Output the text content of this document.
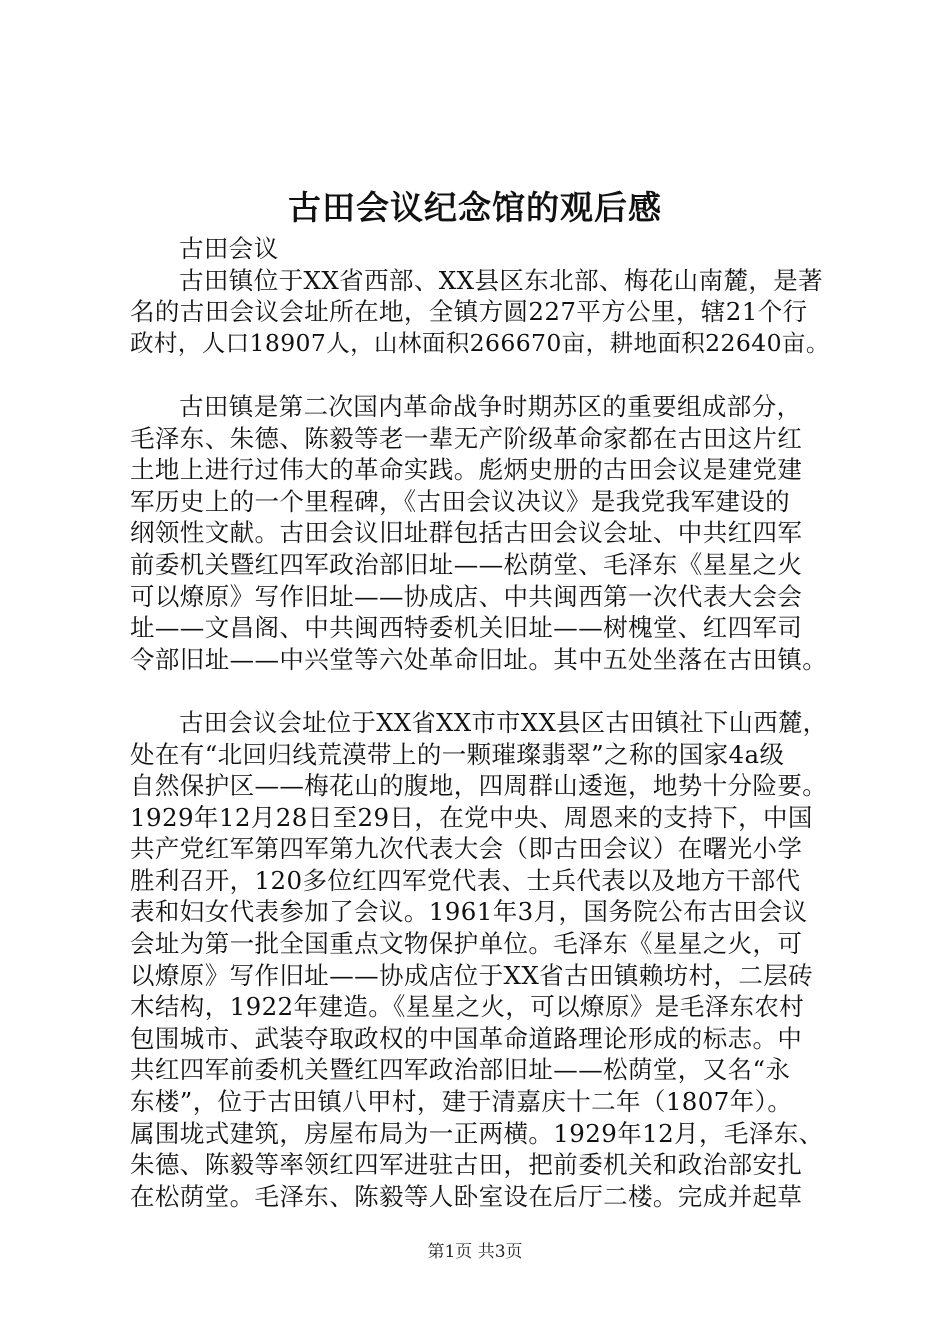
古田会议纪念馆的观后感
古田会议
古田镇位于XX省西部、XX县区东北部、梅花山南麓，是著
名的古田会议会址所在地，全镇方圆227平方公里，辖21个行
政村，人口18907人，山林面积266670亩，耕地面积22640亩。
古田镇是第二次国内革命战争时期苏区的重要组成部分，
毛泽东、朱德、陈毅等老一辈无产阶级革命家都在古田这片红
土地上进行过伟大的革命实践。彪炳史册的古田会议是建党建
军历史上的一个里程碑，《古田会议决议》是我党我军建设的
纲领性文献。古田会议旧址群包括古田会议会址、中共红四军
前委机关暨红四军政治部旧址——松荫堂、毛泽东《星星之火
可以燎原》写作旧址——协成店、中共闽西第一次代表大会会
址——文昌阁、中共闽西特委机关旧址——树槐堂、红四军司
令部旧址——中兴堂等六处革命旧址。其中五处坐落在古田镇。
古田会议会址位于XX省XX市市XX县区古田镇社下山西麓，
处在有“北回归线荒漠带上的一颗璀璨翡翠”之称的国家4a级
自然保护区——梅花山的腹地，四周群山逶迤，地势十分险要。
1929年12月28日至29日，在党中央、周恩来的支持下，中国
共产党红军第四军第九次代表大会（即古田会议）在曙光小学
胜利召开，120多位红四军党代表、士兵代表以及地方干部代
表和妇女代表参加了会议。1961年3月，国务院公布古田会议
会址为第一批全国重点文物保护单位。毛泽东《星星之火，可
以燎原》写作旧址——协成店位于XX省古田镇赖坊村，二层砖
木结构，1922年建造。《星星之火，可以燎原》是毛泽东农村
包围城市、武装夺取政权的中国革命道路理论形成的标志。中
共红四军前委机关暨红四军政治部旧址——松荫堂，又名“永
东楼”，位于古田镇八甲村，建于清嘉庆十二年（1807年）。
属围垅式建筑，房屋布局为一正两横。1929年12月，毛泽东、
朱德、陈毅等率领红四军进驻古田，把前委机关和政治部安扎
在松荫堂。毛泽东、陈毅等人卧室设在后厅二楼。完成并起草
第1页 共3页
